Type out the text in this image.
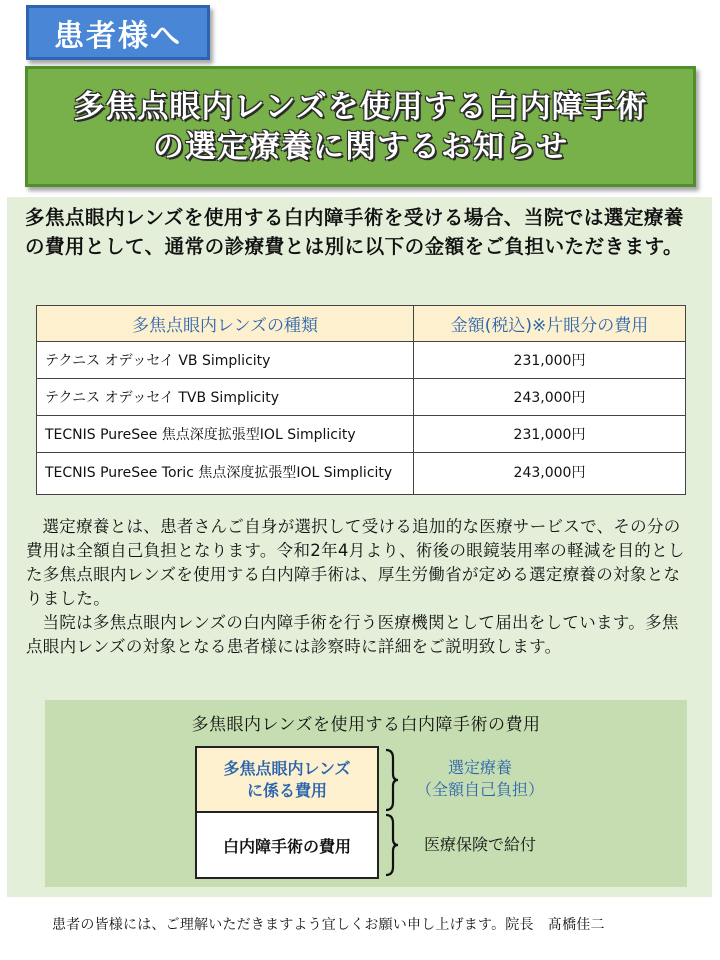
患者様へ
多焦点眼内レンズを使用する白内障手術
の選定療養に関するお知らせ
多焦点眼内レンズを使用する白内障手術を受ける場合、当院では選定療養の費用として、通常の診療費とは別に以下の金額をご負担いただきます。
多焦点眼内レンズの種類	金額(税込)※片眼分の費用
テクニス オデッセイ VB Simplicity	231,000円
テクニス オデッセイ TVB Simplicity	243,000円
TECNIS PureSee 焦点深度拡張型IOL Simplicity	231,000円
TECNIS PureSee Toric 焦点深度拡張型IOL Simplicity	243,000円

選定療養とは、患者さんご自身が選択して受ける追加的な医療サービスで、その分の費用は全額自己負担となります。令和2年4月より、術後の眼鏡装用率の軽減を目的とした多焦点眼内レンズを使用する白内障手術は、厚生労働省が定める選定療養の対象となりました。

当院は多焦点眼内レンズの白内障手術を行う医療機関として届出をしています。多焦点眼内レンズの対象となる患者様には診察時に詳細をご説明致します。

多焦眼内レンズを使用する白内障手術の費用
多焦点眼内レンズ
に係る費用
白内障手術の費用
選定療養
（全額自己負担）
医療保険で給付
患者の皆様には、ご理解いただきますよう宜しくお願い申し上げます。院長　髙橋佳二
